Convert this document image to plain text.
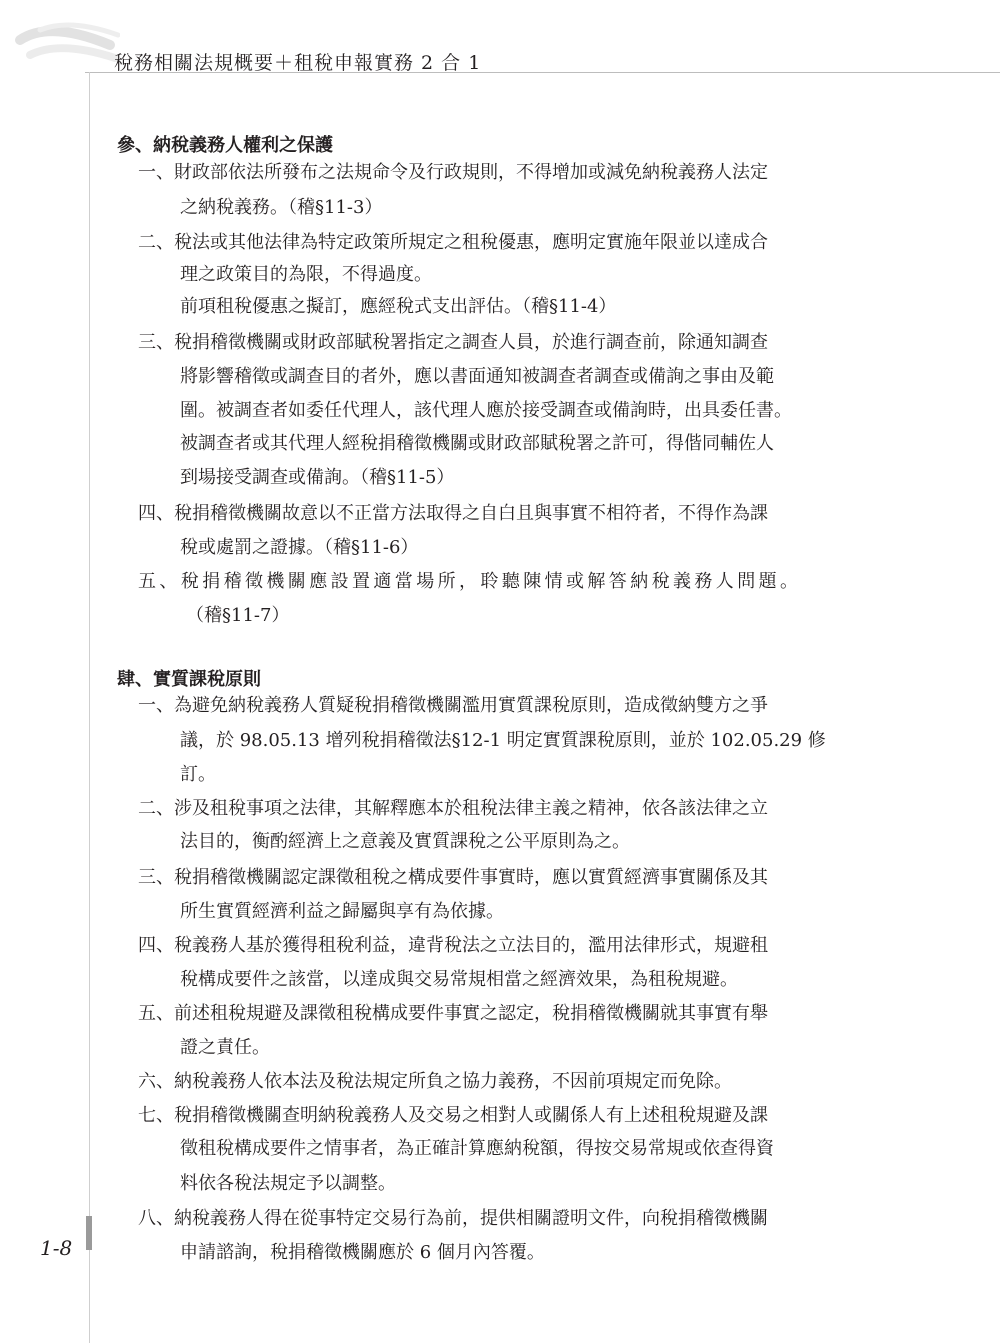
稅務相關法規概要＋租稅申報實務 2 合 1
參、納稅義務人權利之保護
一、財政部依法所發布之法規命令及行政規則，不得增加或減免納稅義務人法定
之納稅義務。（稽§11-3）
二、稅法或其他法律為特定政策所規定之租稅優惠，應明定實施年限並以達成合
理之政策目的為限，不得過度。
前項租稅優惠之擬訂，應經稅式支出評估。（稽§11-4）
三、稅捐稽徵機關或財政部賦稅署指定之調查人員，於進行調查前，除通知調查
將影響稽徵或調查目的者外，應以書面通知被調查者調查或備詢之事由及範
圍。被調查者如委任代理人，該代理人應於接受調查或備詢時，出具委任書。
被調查者或其代理人經稅捐稽徵機關或財政部賦稅署之許可，得偕同輔佐人
到場接受調查或備詢。（稽§11-5）
四、稅捐稽徵機關故意以不正當方法取得之自白且與事實不相符者，不得作為課
稅或處罰之證據。（稽§11-6）
五、稅捐稽徵機關應設置適當場所，聆聽陳情或解答納稅義務人問題。
（稽§11-7）
肆、實質課稅原則
一、為避免納稅義務人質疑稅捐稽徵機關濫用實質課稅原則，造成徵納雙方之爭
議，於 98.05.13 增列稅捐稽徵法§12-1 明定實質課稅原則，並於 102.05.29 修
訂。
二、涉及租稅事項之法律，其解釋應本於租稅法律主義之精神，依各該法律之立
法目的，衡酌經濟上之意義及實質課稅之公平原則為之。
三、稅捐稽徵機關認定課徵租稅之構成要件事實時，應以實質經濟事實關係及其
所生實質經濟利益之歸屬與享有為依據。
四、稅義務人基於獲得租稅利益，違背稅法之立法目的，濫用法律形式，規避租
稅構成要件之該當，以達成與交易常規相當之經濟效果，為租稅規避。
五、前述租稅規避及課徵租稅構成要件事實之認定，稅捐稽徵機關就其事實有舉
證之責任。
六、納稅義務人依本法及稅法規定所負之協力義務，不因前項規定而免除。
七、稅捐稽徵機關查明納稅義務人及交易之相對人或關係人有上述租稅規避及課
徵租稅構成要件之情事者，為正確計算應納稅額，得按交易常規或依查得資
料依各稅法規定予以調整。
八、納稅義務人得在從事特定交易行為前，提供相關證明文件，向稅捐稽徵機關
申請諮詢，稅捐稽徵機關應於 6 個月內答覆。
1-8
